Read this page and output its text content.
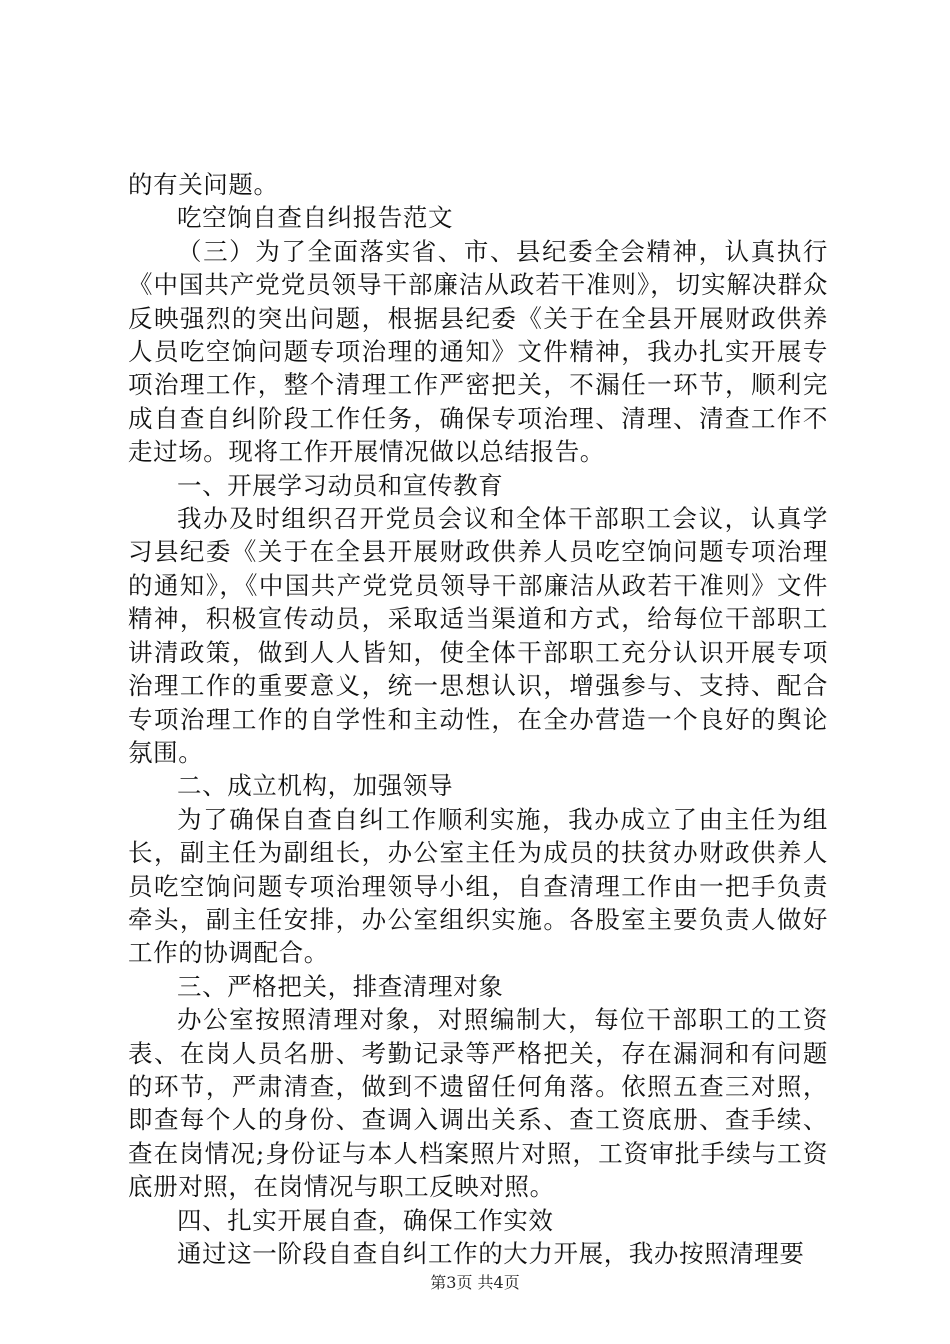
的有关问题。

吃空饷自查自纠报告范文

（三）为了全面落实省、市、县纪委全会精神，认真执行《中国共产党党员领导干部廉洁从政若干准则》，切实解决群众反映强烈的突出问题，根据县纪委《关于在全县开展财政供养人员吃空饷问题专项治理的通知》文件精神，我办扎实开展专项治理工作，整个清理工作严密把关，不漏任一环节，顺利完成自查自纠阶段工作任务，确保专项治理、清理、清查工作不走过场。现将工作开展情况做以总结报告。

一、开展学习动员和宣传教育

我办及时组织召开党员会议和全体干部职工会议，认真学习县纪委《关于在全县开展财政供养人员吃空饷问题专项治理的通知》，《中国共产党党员领导干部廉洁从政若干准则》文件精神，积极宣传动员，采取适当渠道和方式，给每位干部职工讲清政策，做到人人皆知，使全体干部职工充分认识开展专项治理工作的重要意义，统一思想认识，增强参与、支持、配合专项治理工作的自学性和主动性，在全办营造一个良好的舆论氛围。

二、成立机构，加强领导

为了确保自查自纠工作顺利实施，我办成立了由主任为组长，副主任为副组长，办公室主任为成员的扶贫办财政供养人员吃空饷问题专项治理领导小组，自查清理工作由一把手负责牵头，副主任安排，办公室组织实施。各股室主要负责人做好工作的协调配合。

三、严格把关，排查清理对象

办公室按照清理对象，对照编制大，每位干部职工的工资表、在岗人员名册、考勤记录等严格把关，存在漏洞和有问题的环节，严肃清查，做到不遗留任何角落。依照五查三对照，即查每个人的身份、查调入调出关系、查工资底册、查手续、查在岗情况;身份证与本人档案照片对照，工资审批手续与工资底册对照，在岗情况与职工反映对照。

四、扎实开展自查，确保工作实效

通过这一阶段自查自纠工作的大力开展，我办按照清理要

第3页 共4页
